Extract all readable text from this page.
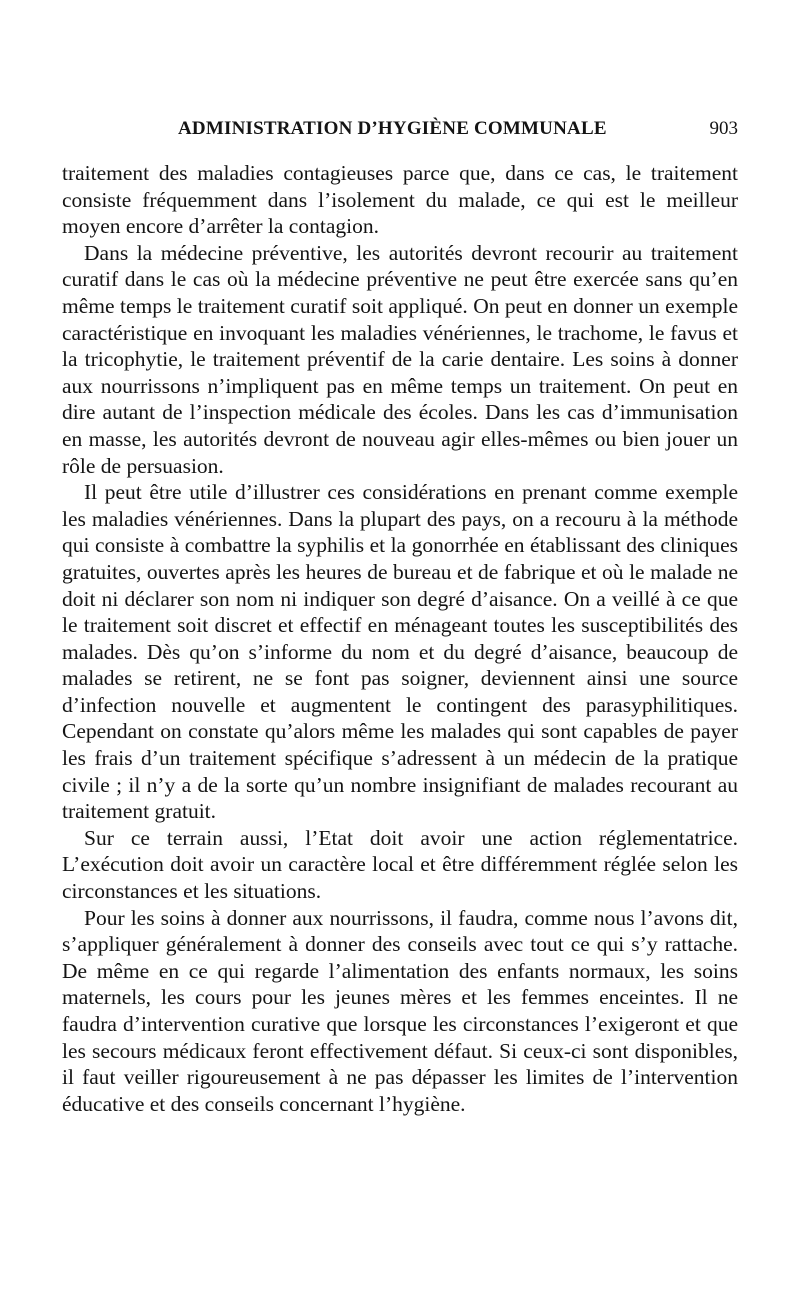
ADMINISTRATION D’HYGIÈNE COMMUNALE	903

traitement des maladies contagieuses parce que, dans ce cas, le traitement consiste fréquemment dans l’isolement du malade, ce qui est le meilleur moyen encore d’arrêter la contagion.

Dans la médecine préventive, les autorités devront recourir au traitement curatif dans le cas où la médecine préventive ne peut être exercée sans qu’en même temps le traitement curatif soit appliqué. On peut en donner un exemple caractéristique en invoquant les maladies vénériennes, le trachome, le favus et la tricophytie, le traitement préventif de la carie dentaire. Les soins à donner aux nourrissons n’impliquent pas en même temps un traitement. On peut en dire autant de l’inspection médicale des écoles. Dans les cas d’immunisation en masse, les autorités devront de nouveau agir elles-mêmes ou bien jouer un rôle de persuasion.

Il peut être utile d’illustrer ces considérations en prenant comme exemple les maladies vénériennes. Dans la plupart des pays, on a recouru à la méthode qui consiste à combattre la syphilis et la gonorrhée en établissant des cliniques gratuites, ouvertes après les heures de bureau et de fabrique et où le malade ne doit ni déclarer son nom ni indiquer son degré d’aisance. On a veillé à ce que le traitement soit discret et effectif en ménageant toutes les susceptibilités des malades. Dès qu’on s’informe du nom et du degré d’aisance, beaucoup de malades se retirent, ne se font pas soigner, deviennent ainsi une source d’infection nouvelle et augmentent le contingent des parasyphilitiques. Cependant on constate qu’alors même les malades qui sont capables de payer les frais d’un traitement spécifique s’adressent à un médecin de la pratique civile ; il n’y a de la sorte qu’un nombre insignifiant de malades recourant au traitement gratuit.

Sur ce terrain aussi, l’Etat doit avoir une action réglementatrice. L’exécution doit avoir un caractère local et être différemment réglée selon les circonstances et les situations.

Pour les soins à donner aux nourrissons, il faudra, comme nous l’avons dit, s’appliquer généralement à donner des conseils avec tout ce qui s’y rattache. De même en ce qui regarde l’alimentation des enfants normaux, les soins maternels, les cours pour les jeunes mères et les femmes enceintes. Il ne faudra d’intervention curative que lorsque les circonstances l’exigeront et que les secours médicaux feront effectivement défaut. Si ceux-ci sont disponibles, il faut veiller rigoureusement à ne pas dépasser les limites de l’intervention éducative et des conseils concernant l’hygiène.
